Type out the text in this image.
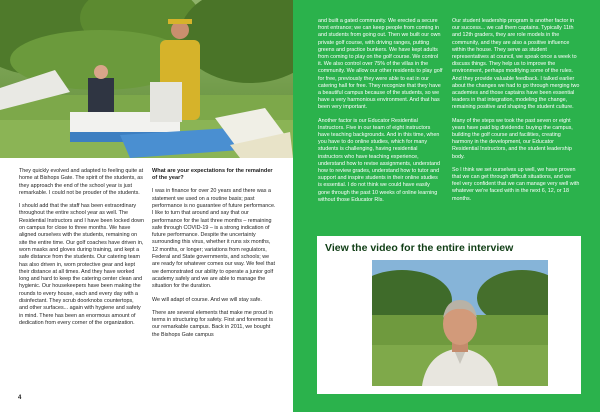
They quickly evolved and adapted to feeling quite at home at Bishops Gate. The spirit of the students, as they approach the end of the school year is just remarkable. I could not be prouder of the students.

I should add that the staff has been extraordinary throughout the entire school year as well. The Residential Instructors and I have been locked down on campus for close to three months. We have aligned ourselves with the students, remaining on site the entire time. Our golf coaches have driven in, worn masks and gloves during training, and kept a safe distance from the students. Our catering team has also driven in, worn protective gear and kept their distance at all times. And they have worked long and hard to keep the catering center clean and hygienic. Our housekeepers have been making the rounds to every house, each and every day with a disinfectant. They scrub doorknobs countertops, and other surfaces... again with hygiene and safety in mind. There has been an enormous amount of dedication from every corner of the organization.

What are your expectations for the remainder of the year?

I was in finance for over 20 years and there was a statement we used on a routine basis; past performance is no guarantee of future performance. I like to turn that around and say that our performance for the last three months – remaining safe through COVID-19 – is a strong indication of future performance. Despite the uncertainty surrounding this virus, whether it runs six months, 12 months, or longer; variations from regulators, Federal and State governments, and schools; we are ready for whatever comes our way. We feel that we demonstrated our ability to operate a junior golf academy safely and we are able to manage the situation for the duration.

We will adapt of course. And we will stay safe.

There are several elements that make me proud in terms in structuring for safety. First and foremost is our remarkable campus. Back in 2011, we bought the Bishops Gate campus

4

and built a gated community. We erected a secure front entrance; we can keep people from coming in and students from going out. Then we built our own private golf course, with driving ranges, putting greens and practice bunkers. We have kept adults from coming to play on the golf course. We control it. We also control over 75% of the villas in the community. We allow our other residents to play golf for free, previously they were able to eat in our catering hall for free. They recognize that they have a beautiful campus because of the students, so we have a very harmonious environment. And that has been very important.

Another factor is our Educator Residential Instructors. Five in our team of eight instructors have teaching backgrounds. And in this time, when you have to do online studies, which for many students is challenging, having residential instructors who have teaching experience, understand how to revise assignments, understand how to review grades, understand how to tutor and support and inspire students in their online studies is essential. I do not think we could have easily gone through the past 10 weeks of online learning without those Educator RIs.

Our student leadership program is another factor in our success... we call them captains. Typically 11th and 12th graders, they are role models in the community, and they are also a positive influence within the house. They serve as student representatives at council, we speak once a week to discuss things. They help us to improve the environment, perhaps modifying some of the rules. And they provide valuable feedback. I talked earlier about the changes we had to go through merging two academies and those captains have been essential leaders in that integration, modeling the change, remaining positive and shaping the student culture.

Many of the steps we took the past seven or eight years have paid big dividends: buying the campus, building the golf course and facilities, creating harmony in the development, our Educator Residential Instructors, and the student leadership body.

So I think we set ourselves up well, we have proven that we can get through difficult situations, and we feel very confident that we can manage very well with whatever we're faced with in the next 6, 12, or 18 months.

View the video for the entire interview
